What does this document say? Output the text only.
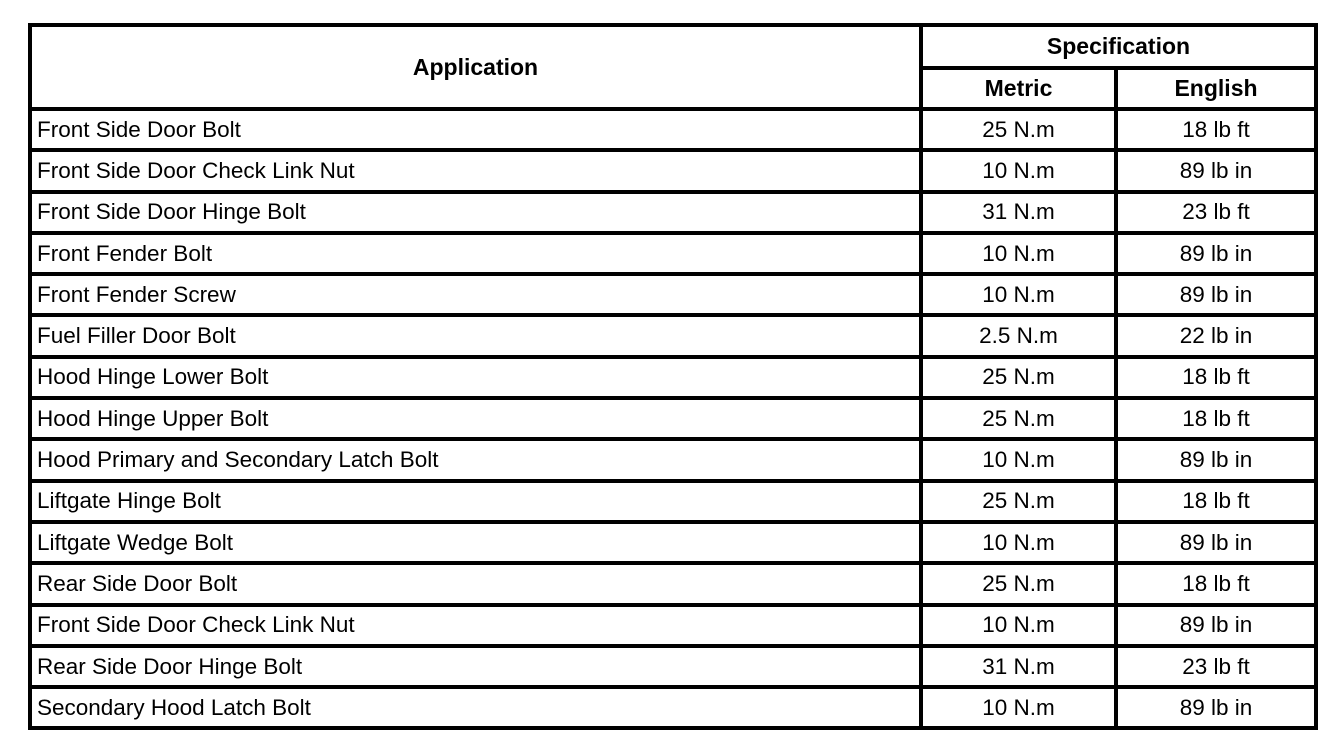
Application	Specification	
	Metric	English
Front Side Door Bolt	25 N.m	18 lb ft
Front Side Door Check Link Nut	10 N.m	89 lb in
Front Side Door Hinge Bolt	31 N.m	23 lb ft
Front Fender Bolt	10 N.m	89 lb in
Front Fender Screw	10 N.m	89 lb in
Fuel Filler Door Bolt	2.5 N.m	22 lb in
Hood Hinge Lower Bolt	25 N.m	18 lb ft
Hood Hinge Upper Bolt	25 N.m	18 lb ft
Hood Primary and Secondary Latch Bolt	10 N.m	89 lb in
Liftgate Hinge Bolt	25 N.m	18 lb ft
Liftgate Wedge Bolt	10 N.m	89 lb in
Rear Side Door Bolt	25 N.m	18 lb ft
Front Side Door Check Link Nut	10 N.m	89 lb in
Rear Side Door Hinge Bolt	31 N.m	23 lb ft
Secondary Hood Latch Bolt	10 N.m	89 lb in
